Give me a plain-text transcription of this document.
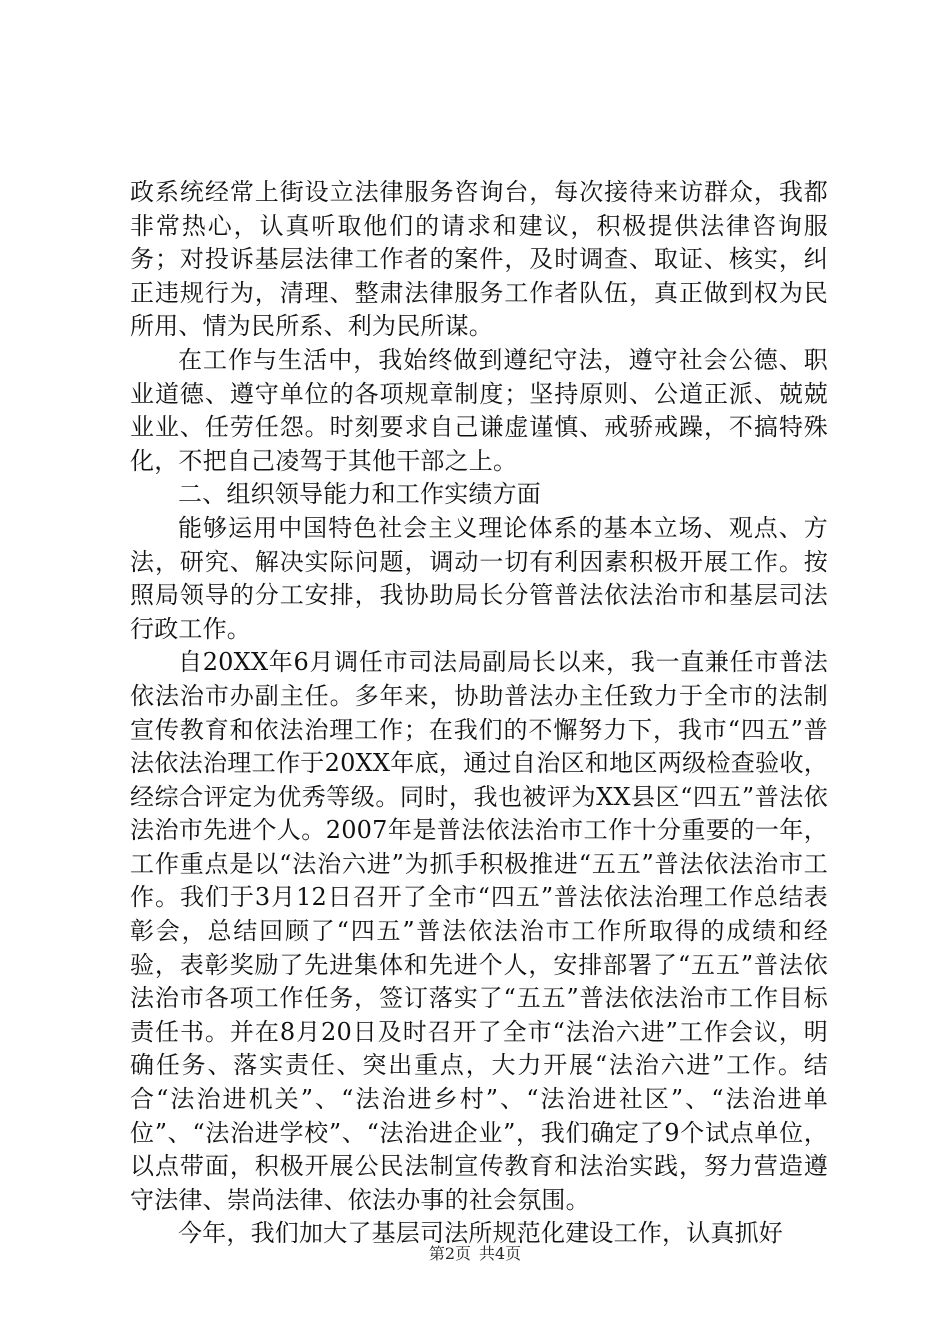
政系统经常上街设立法律服务咨询台，每次接待来访群众，我都非常热心，认真听取他们的请求和建议，积极提供法律咨询服务；对投诉基层法律工作者的案件，及时调查、取证、核实，纠正违规行为，清理、整肃法律服务工作者队伍，真正做到权为民所用、情为民所系、利为民所谋。

在工作与生活中，我始终做到遵纪守法，遵守社会公德、职业道德、遵守单位的各项规章制度；坚持原则、公道正派、兢兢业业、任劳任怨。时刻要求自己谦虚谨慎、戒骄戒躁，不搞特殊化，不把自己凌驾于其他干部之上。

二、组织领导能力和工作实绩方面

能够运用中国特色社会主义理论体系的基本立场、观点、方法，研究、解决实际问题，调动一切有利因素积极开展工作。按照局领导的分工安排，我协助局长分管普法依法治市和基层司法行政工作。

自20XX年6月调任市司法局副局长以来，我一直兼任市普法依法治市办副主任。多年来，协助普法办主任致力于全市的法制宣传教育和依法治理工作；在我们的不懈努力下，我市“四五”普法依法治理工作于20XX年底，通过自治区和地区两级检查验收，经综合评定为优秀等级。同时，我也被评为XX县区“四五”普法依法治市先进个人。2007年是普法依法治市工作十分重要的一年，工作重点是以“法治六进”为抓手积极推进“五五”普法依法治市工作。我们于3月12日召开了全市“四五”普法依法治理工作总结表彰会，总结回顾了“四五”普法依法治市工作所取得的成绩和经验，表彰奖励了先进集体和先进个人，安排部署了“五五”普法依法治市各项工作任务，签订落实了“五五”普法依法治市工作目标责任书。并在8月20日及时召开了全市“法治六进”工作会议，明确任务、落实责任、突出重点，大力开展“法治六进”工作。结合“法治进机关”、“法治进乡村”、“法治进社区”、“法治进单位”、“法治进学校”、“法治进企业”，我们确定了9个试点单位，以点带面，积极开展公民法制宣传教育和法治实践，努力营造遵守法律、崇尚法律、依法办事的社会氛围。

今年，我们加大了基层司法所规范化建设工作，认真抓好

第2页 共4页
